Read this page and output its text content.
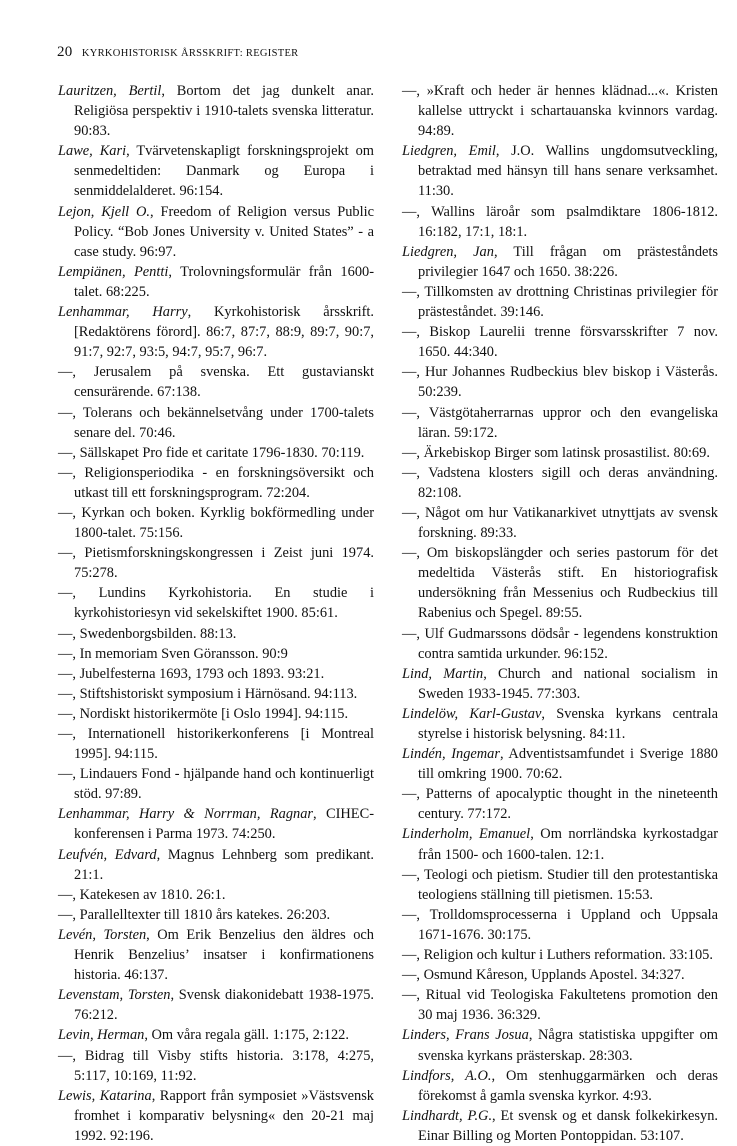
20 KYRKOHISTORISK ÅRSSKRIFT: REGISTER

Lauritzen, Bertil, Bortom det jag dunkelt anar. Religiösa perspektiv i 1910-talets svenska litteratur. 90:83.

Lawe, Kari, Tvärvetenskapligt forskningsprojekt om senmedeltiden: Danmark og Europa i senmiddelalderet. 96:154.

Lejon, Kjell O., Freedom of Religion versus Public Policy. “Bob Jones University v. United States” - a case study. 96:97.

Lempiänen, Pentti, Trolovningsformulär från 1600-talet. 68:225.

Lenhammar, Harry, Kyrkohistorisk årsskrift. [Redaktörens förord]. 86:7, 87:7, 88:9, 89:7, 90:7, 91:7, 92:7, 93:5, 94:7, 95:7, 96:7.

—, Jerusalem på svenska. Ett gustavianskt censurärende. 67:138.

—, Tolerans och bekännelsetvång under 1700-talets senare del. 70:46.

—, Sällskapet Pro fide et caritate 1796-1830. 70:119.

—, Religionsperiodika - en forskningsöversikt och utkast till ett forskningsprogram. 72:204.

—, Kyrkan och boken. Kyrklig bokförmedling under 1800-talet. 75:156.

—, Pietismforskningskongressen i Zeist juni 1974. 75:278.

—, Lundins Kyrkohistoria. En studie i kyrkohistoriesyn vid sekelskiftet 1900. 85:61.

—, Swedenborgsbilden. 88:13.

—, In memoriam Sven Göransson. 90:9

—, Jubelfesterna 1693, 1793 och 1893. 93:21.

—, Stiftshistoriskt symposium i Härnösand. 94:113.

—, Nordiskt historikermöte [i Oslo 1994]. 94:115.

—, Internationell historikerkonferens [i Montreal 1995]. 94:115.

—, Lindauers Fond - hjälpande hand och kontinuerligt stöd. 97:89.

Lenhammar, Harry & Norrman, Ragnar, CIHEC-konferensen i Parma 1973. 74:250.

Leufvén, Edvard, Magnus Lehnberg som predikant. 21:1.

—, Katekesen av 1810. 26:1.

—, Parallelltexter till 1810 års katekes. 26:203.

Levén, Torsten, Om Erik Benzelius den äldres och Henrik Benzelius’ insatser i konfirmationens historia. 46:137.

Levenstam, Torsten, Svensk diakonidebatt 1938-1975. 76:212.

Levin, Herman, Om våra regala gäll. 1:175, 2:122.

—, Bidrag till Visby stifts historia. 3:178, 4:275, 5:117, 10:169, 11:92.

Lewis, Katarina, Rapport från symposiet »Västsvensk fromhet i komparativ belysning« den 20-21 maj 1992. 92:196.

—, »Kraft och heder är hennes klädnad...«. Kristen kallelse uttryckt i schartauanska kvinnors vardag. 94:89.

Liedgren, Emil, J.O. Wallins ungdomsutveckling, betraktad med hänsyn till hans senare verksamhet. 11:30.

—, Wallins läroår som psalmdiktare 1806-1812. 16:182, 17:1, 18:1.

Liedgren, Jan, Till frågan om prästeståndets privilegier 1647 och 1650. 38:226.

—, Tillkomsten av drottning Christinas privilegier för prästeståndet. 39:146.

—, Biskop Laurelii trenne försvarsskrifter 7 nov. 1650. 44:340.

—, Hur Johannes Rudbeckius blev biskop i Västerås. 50:239.

—, Västgötaherrarnas uppror och den evangeliska läran. 59:172.

—, Ärkebiskop Birger som latinsk prosastilist. 80:69.

—, Vadstena klosters sigill och deras användning. 82:108.

—, Något om hur Vatikanarkivet utnyttjats av svensk forskning. 89:33.

—, Om biskopslängder och series pastorum för det medeltida Västerås stift. En historiografisk undersökning från Messenius och Rudbeckius till Rabenius och Spegel. 89:55.

—, Ulf Gudmarssons dödsår - legendens konstruktion contra samtida urkunder. 96:152.

Lind, Martin, Church and national socialism in Sweden 1933-1945. 77:303.

Lindelöw, Karl-Gustav, Svenska kyrkans centrala styrelse i historisk belysning. 84:11.

Lindén, Ingemar, Adventistsamfundet i Sverige 1880 till omkring 1900. 70:62.

—, Patterns of apocalyptic thought in the nineteenth century. 77:172.

Linderholm, Emanuel, Om norrländska kyrkostadgar från 1500- och 1600-talen. 12:1.

—, Teologi och pietism. Studier till den protestantiska teologiens ställning till pietismen. 15:53.

—, Trolldomsprocesserna i Uppland och Uppsala 1671-1676. 30:175.

—, Religion och kultur i Luthers reformation. 33:105.

—, Osmund Kåreson, Upplands Apostel. 34:327.

—, Ritual vid Teologiska Fakultetens promotion den 30 maj 1936. 36:329.

Linders, Frans Josua, Några statistiska uppgifter om svenska kyrkans prästerskap. 28:303.

Lindfors, A.O., Om stenhuggarmärken och deras förekomst å gamla svenska kyrkor. 4:93.

Lindhardt, P.G., Et svensk og et dansk folkekirkesyn. Einar Billing og Morten Pontoppidan. 53:107.
